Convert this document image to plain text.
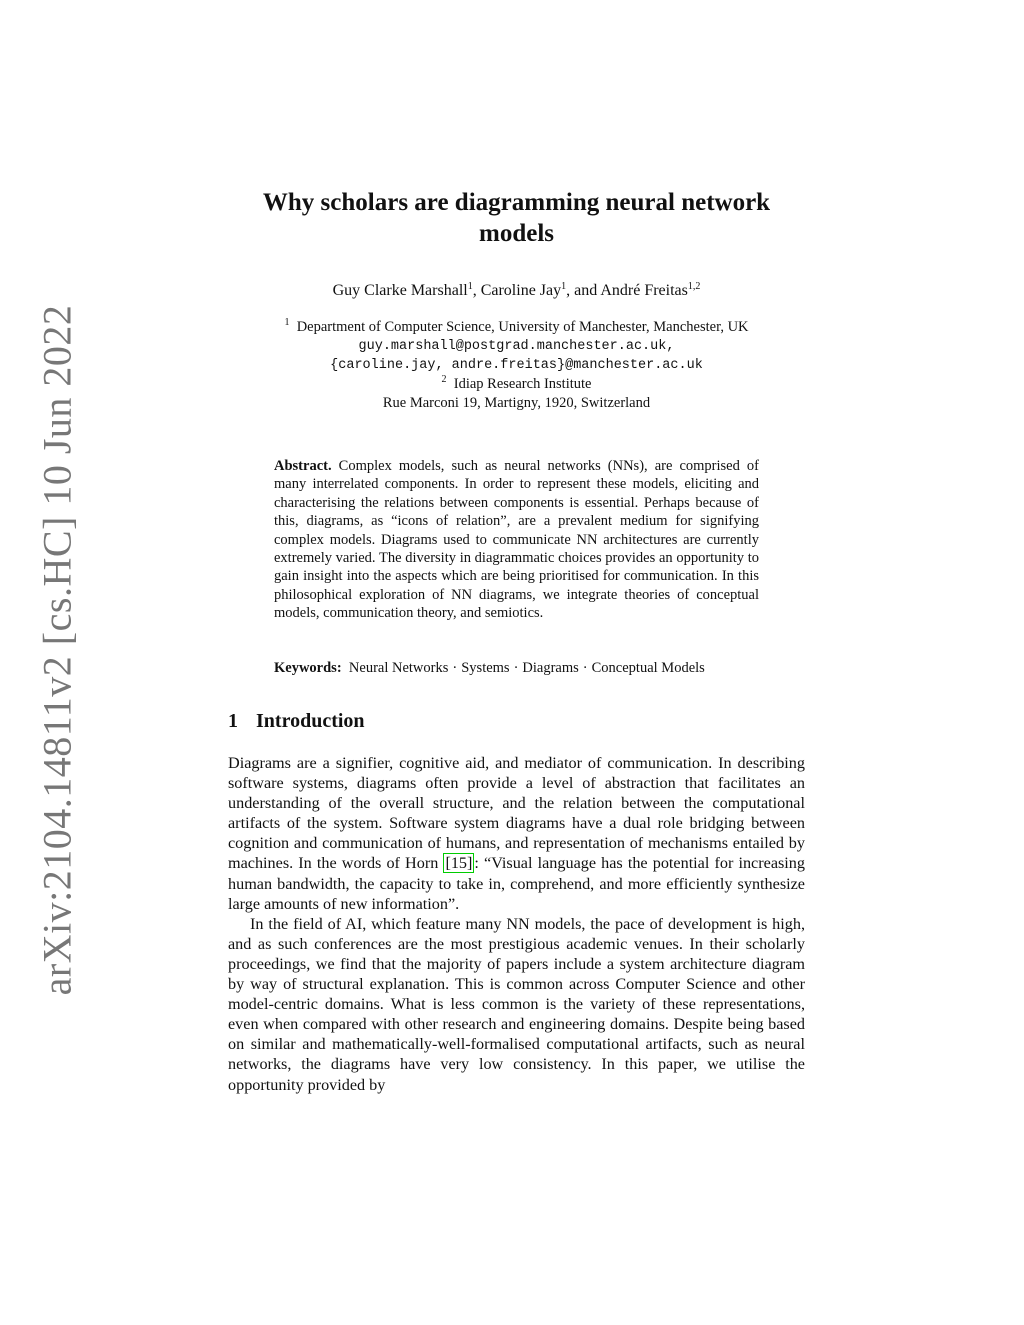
arXiv:2104.14811v2 [cs.HC] 10 Jun 2022
Why scholars are diagramming neural network models
Guy Clarke Marshall$^1$, Caroline Jay$^1$, and André Freitas$^{1,2}$
$^1$ Department of Computer Science, University of Manchester, Manchester, UK
guy.marshall@postgrad.manchester.ac.uk,
{caroline.jay, andre.freitas}@manchester.ac.uk
$^2$ Idiap Research Institute
Rue Marconi 19, Martigny, 1920, Switzerland
Abstract. Complex models, such as neural networks (NNs), are comprised of many interrelated components. In order to represent these models, eliciting and characterising the relations between components is essential. Perhaps because of this, diagrams, as “icons of relation”, are a prevalent medium for signifying complex models. Diagrams used to communicate NN architectures are currently extremely varied. The diversity in diagrammatic choices provides an opportunity to gain insight into the aspects which are being prioritised for communication. In this philosophical exploration of NN diagrams, we integrate theories of conceptual models, communication theory, and semiotics.
Keywords: Neural Networks · Systems · Diagrams · Conceptual Models
1 Introduction

Diagrams are a signifier, cognitive aid, and mediator of communication. In describing software systems, diagrams often provide a level of abstraction that facilitates an understanding of the overall structure, and the relation between the computational artifacts of the system. Software system diagrams have a dual role bridging between cognition and communication of humans, and representation of mechanisms entailed by machines. In the words of Horn [15] : “Visual language has the potential for increasing human bandwidth, the capacity to take in, comprehend, and more efficiently synthesize large amounts of new information”.

In the field of AI, which feature many NN models, the pace of development is high, and as such conferences are the most prestigious academic venues. In their scholarly proceedings, we find that the majority of papers include a system architecture diagram by way of structural explanation. This is common across Computer Science and other model-centric domains. What is less common is the variety of these representations, even when compared with other research and engineering domains. Despite being based on similar and mathematically-well-formalised computational artifacts, such as neural networks, the diagrams have very low consistency. In this paper, we utilise the opportunity provided by
